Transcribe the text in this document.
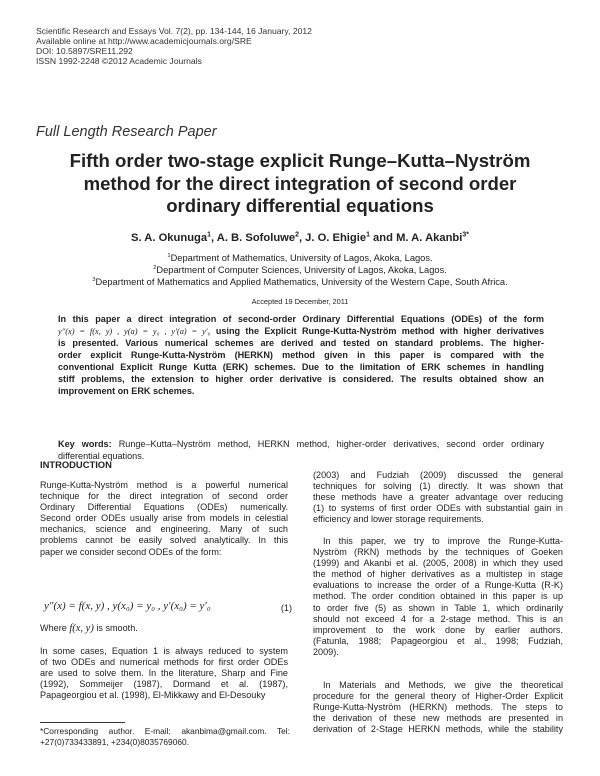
Scientific Research and Essays Vol. 7(2), pp. 134-144, 16 January, 2012
Available online at http://www.academicjournals.org/SRE
DOI: 10.5897/SRE11.292
ISSN 1992-2248 ©2012 Academic Journals
Full Length Research Paper
Fifth order two-stage explicit Runge–Kutta–Nyström
method for the direct integration of second order
ordinary differential equations
S. A. Okunuga$^1$, A. B. Sofoluwe$^2$, J. O. Ehigie$^1$ and M. A. Akanbi$^{3*}$
$^1$Department of Mathematics, University of Lagos, Akoka, Lagos.
$^2$Department of Computer Sciences, University of Lagos, Akoka, Lagos.
$^3$Department of Mathematics and Applied Mathematics, University of the Western Cape, South Africa.
Accepted 19 December, 2011
In this paper a direct integration of second-order Ordinary Differential Equations (ODEs) of the form
y″(x) = f(x, y) , y(a) = y₀ , y′(a) = y′₀ using the Explicit Runge-Kutta-Nyström method with higher derivatives
is presented. Various numerical schemes are derived and tested on standard problems. The higher-
order explicit Runge-Kutta-Nyström (HERKN) method given in this paper is compared with the
conventional Explicit Runge Kutta (ERK) schemes. Due to the limitation of ERK schemes in handling
stiff problems, the extension to higher order derivative is considered. The results obtained show an
improvement on ERK schemes.
Key words: Runge–Kutta–Nyström method, HERKN method, higher-order derivatives, second order ordinary
differential equations.
INTRODUCTION
Runge-Kutta-Nyström method is a powerful numerical
technique for the direct integration of second order
Ordinary Differential Equations (ODEs) numerically.
Second order ODEs usually arise from models in celestial
mechanics, science and engineering. Many of such
problems cannot be easily solved analytically. In this
paper we consider second ODEs of the form:
y″(x) = f(x, y) , y(x₀) = y₀ , y′(x₀) = y′₀	(1)
Where f(x, y) is smooth.
In some cases, Equation 1 is always reduced to system
of two ODEs and numerical methods for first order ODEs
are used to solve them. In the literature, Sharp and Fine
(1992), Sommeijer (1987), Dormand et al. (1987),
Papageorgiou et al. (1998), El-Mikkawy and El-Desouky
*Corresponding author. E-mail: akanbima@gmail.com. Tel:
+27(0)733433891, +234(0)8035769060.
(2003) and Fudziah (2009) discussed the general
techniques for solving (1) directly. It was shown that
these methods have a greater advantage over reducing
(1) to systems of first order ODEs with substantial gain in
efficiency and lower storage requirements.
In this paper, we try to improve the Runge-Kutta-
Nyström (RKN) methods by the techniques of Goeken
(1999) and Akanbi et al. (2005, 2008) in which they used
the method of higher derivatives as a multistep in stage
evaluations to increase the order of a Runge-Kutta (R-K)
method. The order condition obtained in this paper is up
to order five (5) as shown in Table 1, which ordinarily
should not exceed 4 for a 2-stage method. This is an
improvement to the work done by earlier authors.
(Fatunla, 1988; Papageorgiou et al., 1998; Fudziah,
2009).
In Materials and Methods, we give the theoretical
procedure for the general theory of Higher-Order Explicit
Runge-Kutta-Nyström (HERKN) methods. The steps to
the derivation of these new methods are presented in
derivation of 2-Stage HERKN methods, while the stability
